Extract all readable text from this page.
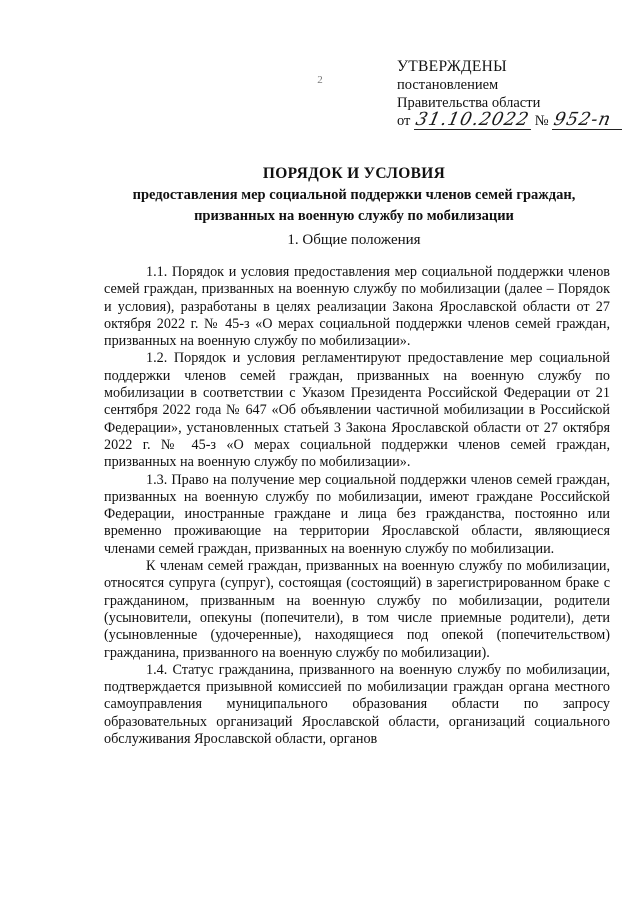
2
УТВЕРЖДЕНЫ
постановлением
Правительства области
от 31.10.2022 № 952-п
ПОРЯДОК И УСЛОВИЯ
предоставления мер социальной поддержки членов семей граждан,
призванных на военную службу по мобилизации
1. Общие положения

1.1. Порядок и условия предоставления мер социальной поддержки членов семей граждан, призванных на военную службу по мобилизации (далее – Порядок и условия), разработаны в целях реализации Закона Ярославской области от 27 октября 2022 г. № 45-з «О мерах социальной поддержки членов семей граждан, призванных на военную службу по мобилизации».

1.2. Порядок и условия регламентируют предоставление мер социальной поддержки членов семей граждан, призванных на военную службу по мобилизации в соответствии с Указом Президента Российской Федерации от 21 сентября 2022 года № 647 «Об объявлении частичной мобилизации в Российской Федерации», установленных статьей 3 Закона Ярославской области от 27 октября 2022 г. № 45-з «О мерах социальной поддержки членов семей граждан, призванных на военную службу по мобилизации».

1.3. Право на получение мер социальной поддержки членов семей граждан, призванных на военную службу по мобилизации, имеют граждане Российской Федерации, иностранные граждане и лица без гражданства, постоянно или временно проживающие на территории Ярославской области, являющиеся членами семей граждан, призванных на военную службу по мобилизации.

К членам семей граждан, призванных на военную службу по мобилизации, относятся супруга (супруг), состоящая (состоящий) в зарегистрированном браке с гражданином, призванным на военную службу по мобилизации, родители (усыновители, опекуны (попечители), в том числе приемные родители), дети (усыновленные (удочеренные), находящиеся под опекой (попечительством) гражданина, призванного на военную службу по мобилизации).

1.4. Статус гражданина, призванного на военную службу по мобилизации, подтверждается призывной комиссией по мобилизации граждан органа местного самоуправления муниципального образования области по запросу образовательных организаций Ярославской области, организаций социального обслуживания Ярославской области, органов
